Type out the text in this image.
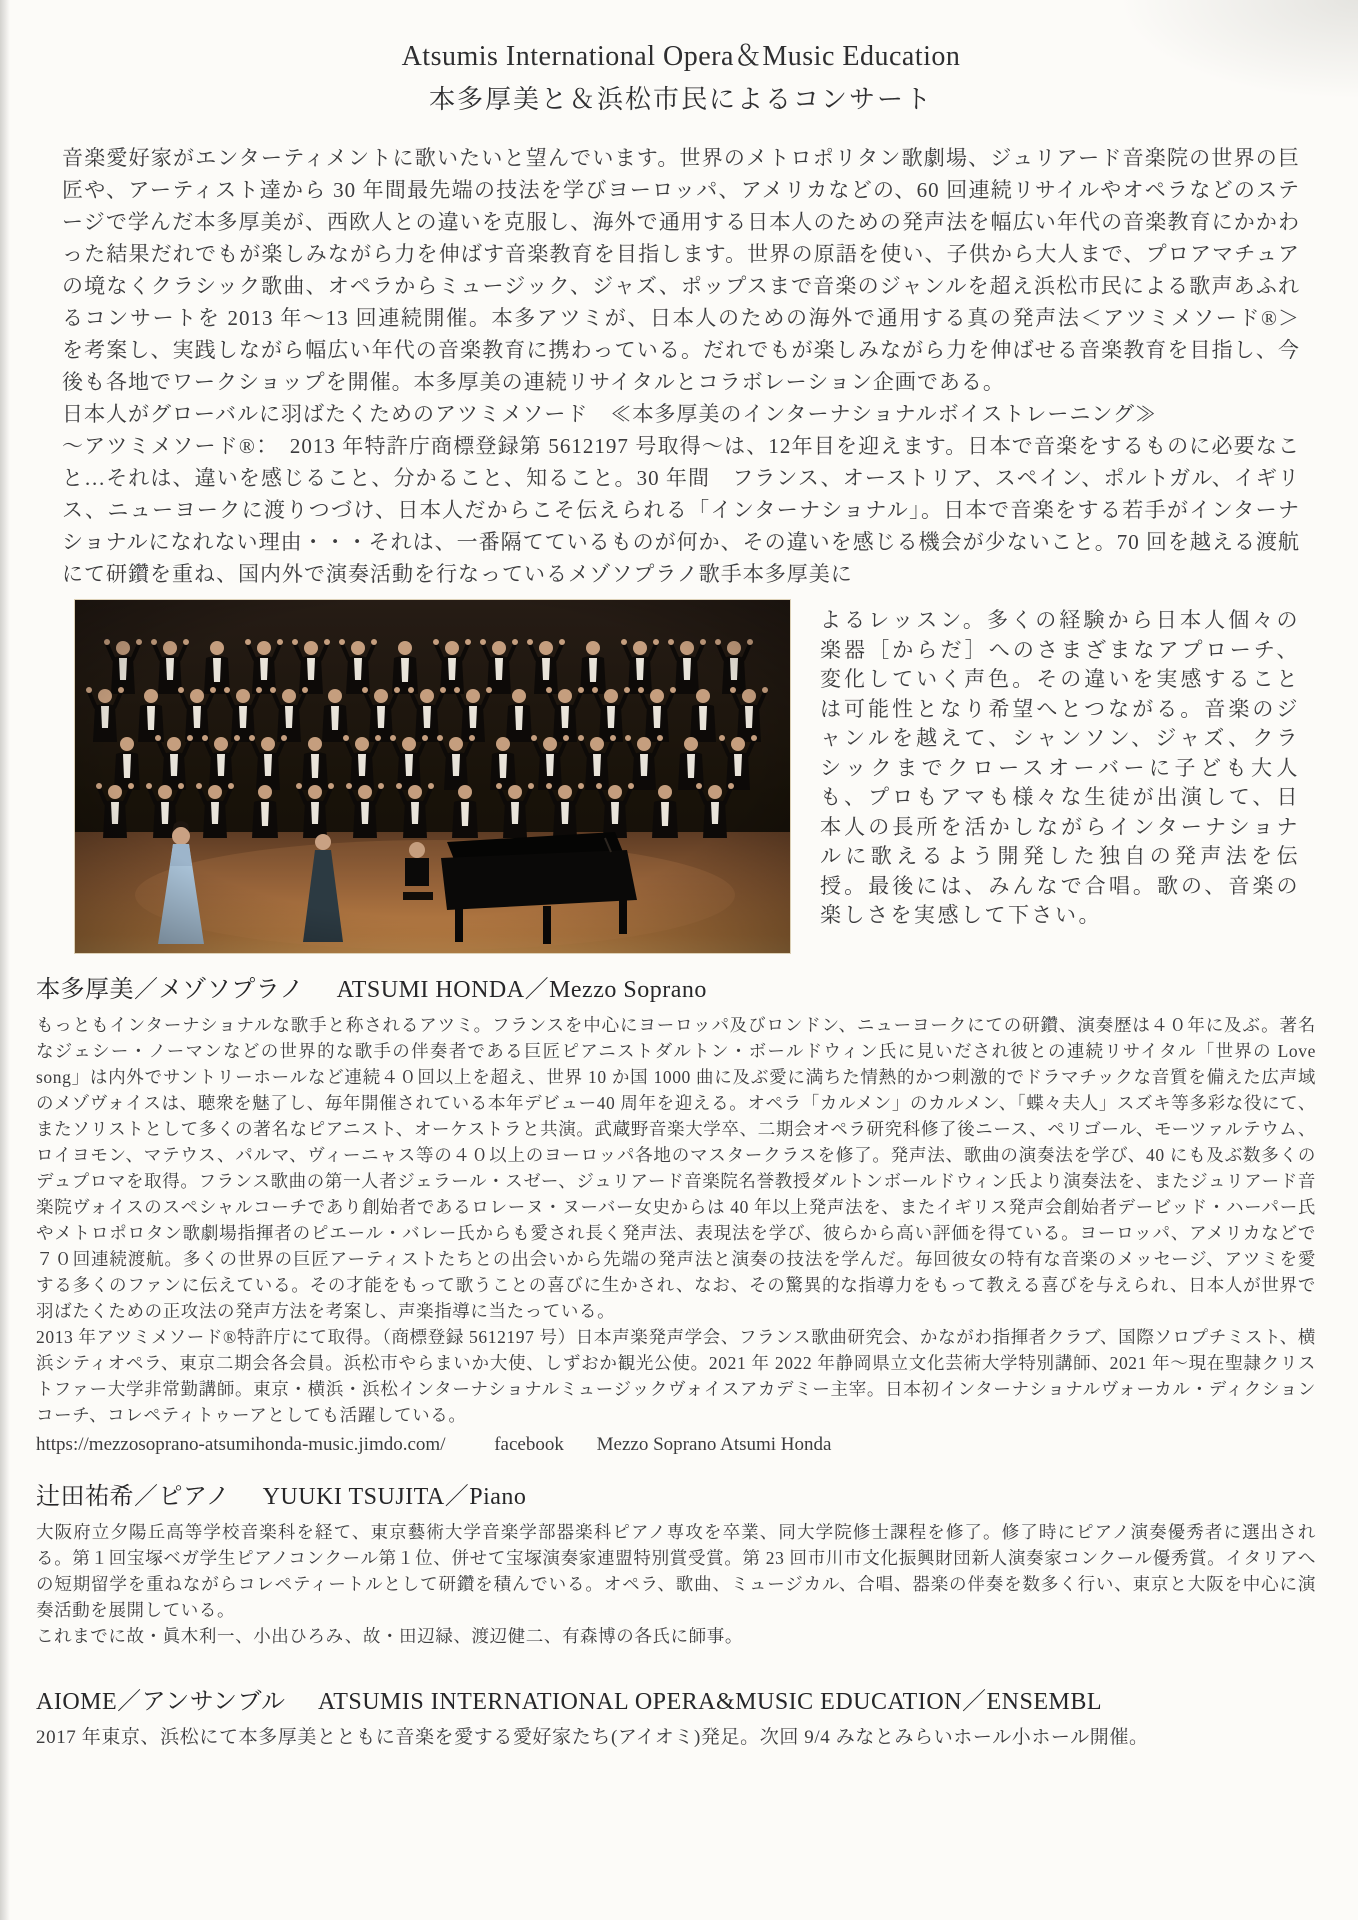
Atsumis International Opera＆Music Education
本多厚美と＆浜松市民によるコンサート

音楽愛好家がエンターティメントに歌いたいと望んでいます。世界のメトロポリタン歌劇場、ジュリアード音楽院の世界の巨匠や、アーティスト達から 30 年間最先端の技法を学びヨーロッパ、アメリカなどの、60 回連続リサイルやオペラなどのステージで学んだ本多厚美が、西欧人との違いを克服し、海外で通用する日本人のための発声法を幅広い年代の音楽教育にかかわった結果だれでもが楽しみながら力を伸ばす音楽教育を目指します。世界の原語を使い、子供から大人まで、プロアマチュアの境なくクラシック歌曲、オペラからミュージック、ジャズ、ポップスまで音楽のジャンルを超え浜松市民による歌声あふれるコンサートを 2013 年～13 回連続開催。本多アツミが、日本人のための海外で通用する真の発声法＜アツミメソード®＞　を考案し、実践しながら幅広い年代の音楽教育に携わっている。だれでもが楽しみながら力を伸ばせる音楽教育を目指し、今後も各地でワークショップを開催。本多厚美の連続リサイタルとコラボレーション企画である。

日本人がグローバルに羽ばたくためのアツミメソード　≪本多厚美のインターナショナルボイストレーニング≫

～アツミメソード®：　2013 年特許庁商標登録第 5612197 号取得～は、12年目を迎えます。日本で音楽をするものに必要なこと…それは、違いを感じること、分かること、知ること。30 年間　フランス、オーストリア、スペイン、ポルトガル、イギリス、ニューヨークに渡りつづけ、日本人だからこそ伝えられる「インターナショナル」。日本で音楽をする若手がインターナショナルになれない理由・・・それは、一番隔てているものが何か、その違いを感じる機会が少ないこと。70 回を越える渡航にて研鑽を重ね、国内外で演奏活動を行なっているメゾソプラノ歌手本多厚美に

よるレッスン。多くの経験から日本人個々の楽器［からだ］へのさまざまなアプローチ、変化していく声色。その違いを実感することは可能性となり希望へとつながる。音楽のジャンルを越えて、シャンソン、ジャズ、クラシックまでクロースオーバーに子ども大人も、プロもアマも様々な生徒が出演して、日本人の長所を活かしながらインターナショナルに歌えるよう開発した独自の発声法を伝授。最後には、みんなで合唱。歌の、音楽の楽しさを実感して下さい。

本多厚美／メゾソプラノ ATSUMI HONDA／Mezzo Soprano

もっともインターナショナルな歌手と称されるアツミ。フランスを中心にヨーロッパ及びロンドン、ニューヨークにての研鑽、演奏歴は４０年に及ぶ。著名なジェシー・ノーマンなどの世界的な歌手の伴奏者である巨匠ピアニストダルトン・ボールドウィン氏に見いだされ彼との連続リサイタル「世界の Love song」は内外でサントリーホールなど連続４０回以上を超え、世界 10 か国 1000 曲に及ぶ愛に満ちた情熱的かつ刺激的でドラマチックな音質を備えた広声域のメゾヴォイスは、聴衆を魅了し、毎年開催されている本年デビュー40 周年を迎える。オペラ「カルメン」のカルメン、「蝶々夫人」スズキ等多彩な役にて、またソリストとして多くの著名なピアニスト、オーケストラと共演。武蔵野音楽大学卒、二期会オペラ研究科修了後ニース、ペリゴール、モーツァルテウム、ロイヨモン、マテウス、パルマ、ヴィーニャス等の４０以上のヨーロッパ各地のマスタークラスを修了。発声法、歌曲の演奏法を学び、40 にも及ぶ数多くのデュプロマを取得。フランス歌曲の第一人者ジェラール・スゼー、ジュリアード音楽院名誉教授ダルトンボールドウィン氏より演奏法を、またジュリアード音楽院ヴォイスのスペシャルコーチであり創始者であるロレーヌ・ヌーバー女史からは 40 年以上発声法を、またイギリス発声会創始者デービッド・ハーパー氏やメトロポロタン歌劇場指揮者のピエール・バレー氏からも愛され長く発声法、表現法を学び、彼らから高い評価を得ている。ヨーロッパ、アメリカなどで７０回連続渡航。多くの世界の巨匠アーティストたちとの出会いから先端の発声法と演奏の技法を学んだ。毎回彼女の特有な音楽のメッセージ、アツミを愛する多くのファンに伝えている。その才能をもって歌うことの喜びに生かされ、なお、その驚異的な指導力をもって教える喜びを与えられ、日本人が世界で羽ばたくための正攻法の発声方法を考案し、声楽指導に当たっている。

2013 年アツミメソード®特許庁にて取得。（商標登録 5612197 号）日本声楽発声学会、フランス歌曲研究会、かながわ指揮者クラブ、国際ソロプチミスト、横浜シティオペラ、東京二期会各会員。浜松市やらまいか大使、しずおか観光公使。2021 年 2022 年静岡県立文化芸術大学特別講師、2021 年～現在聖隷クリストファー大学非常勤講師。東京・横浜・浜松インターナショナルミュージックヴォイスアカデミー主宰。日本初インターナショナルヴォーカル・ディクションコーチ、コレペティトゥーアとしても活躍している。

https://mezzosoprano-atsumihonda-music.jimdo.com/	facebook Mezzo Soprano Atsumi Honda

辻田祐希／ピアノ YUUKI TSUJITA／Piano

大阪府立夕陽丘高等学校音楽科を経て、東京藝術大学音楽学部器楽科ピアノ専攻を卒業、同大学院修士課程を修了。修了時にピアノ演奏優秀者に選出される。第１回宝塚ベガ学生ピアノコンクール第１位、併せて宝塚演奏家連盟特別賞受賞。第 23 回市川市文化振興財団新人演奏家コンクール優秀賞。イタリアへの短期留学を重ねながらコレペティートルとして研鑽を積んでいる。オペラ、歌曲、ミュージカル、合唱、器楽の伴奏を数多く行い、東京と大阪を中心に演奏活動を展開している。

これまでに故・眞木利一、小出ひろみ、故・田辺緑、渡辺健二、有森博の各氏に師事。

AIOME／アンサンブル ATSUMIS INTERNATIONAL OPERA&MUSIC EDUCATION／ENSEMBL

2017 年東京、浜松にて本多厚美とともに音楽を愛する愛好家たち(アイオミ)発足。次回 9/4 みなとみらいホール小ホール開催。
